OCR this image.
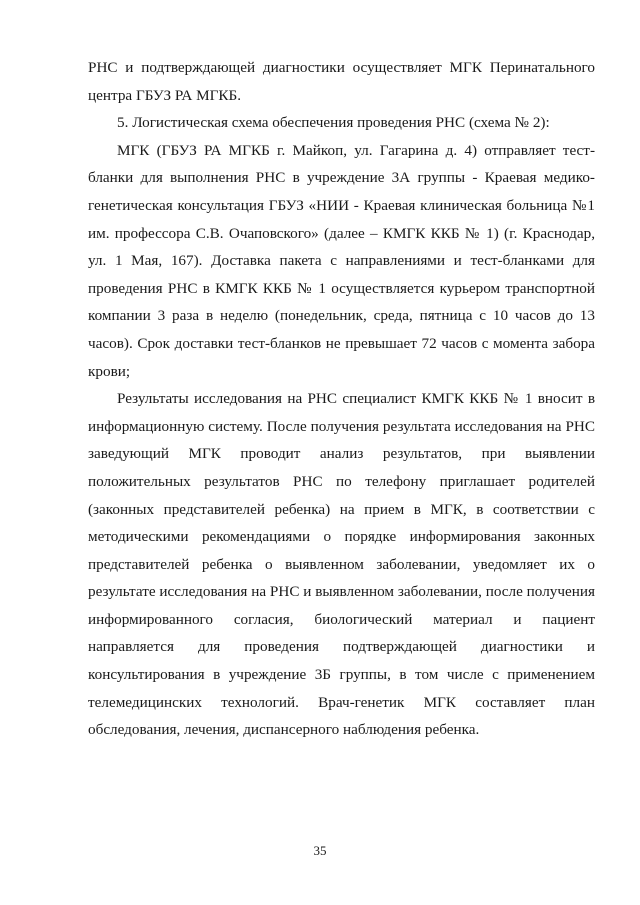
РНС и подтверждающей диагностики осуществляет МГК Перинатального центра ГБУЗ РА МГКБ.

5. Логистическая схема обеспечения проведения РНС (схема № 2):

МГК (ГБУЗ РА МГКБ г. Майкоп, ул. Гагарина д. 4) отправляет тест-бланки для выполнения РНС в учреждение 3А группы - Краевая медико-генетическая консультация ГБУЗ «НИИ - Краевая клиническая больница №1 им. профессора С.В. Очаповского» (далее – КМГК ККБ № 1) (г. Краснодар, ул. 1 Мая, 167). Доставка пакета с направлениями и тест-бланками для проведения РНС в КМГК ККБ № 1 осуществляется курьером транспортной компании 3 раза в неделю (понедельник, среда, пятница с 10 часов до 13 часов). Срок доставки тест-бланков не превышает 72 часов с момента забора крови;

Результаты исследования на РНС специалист КМГК ККБ № 1 вносит в информационную систему. После получения результата исследования на РНС заведующий МГК проводит анализ результатов, при выявлении положительных результатов РНС по телефону приглашает родителей (законных представителей ребенка) на прием в МГК, в соответствии с методическими рекомендациями о порядке информирования законных представителей ребенка о выявленном заболевании, уведомляет их о результате исследования на РНС и выявленном заболевании, после получения информированного согласия, биологический материал и пациент направляется для проведения подтверждающей диагностики и консультирования в учреждение 3Б группы, в том числе с применением телемедицинских технологий. Врач-генетик МГК составляет план обследования, лечения, диспансерного наблюдения ребенка.

35
